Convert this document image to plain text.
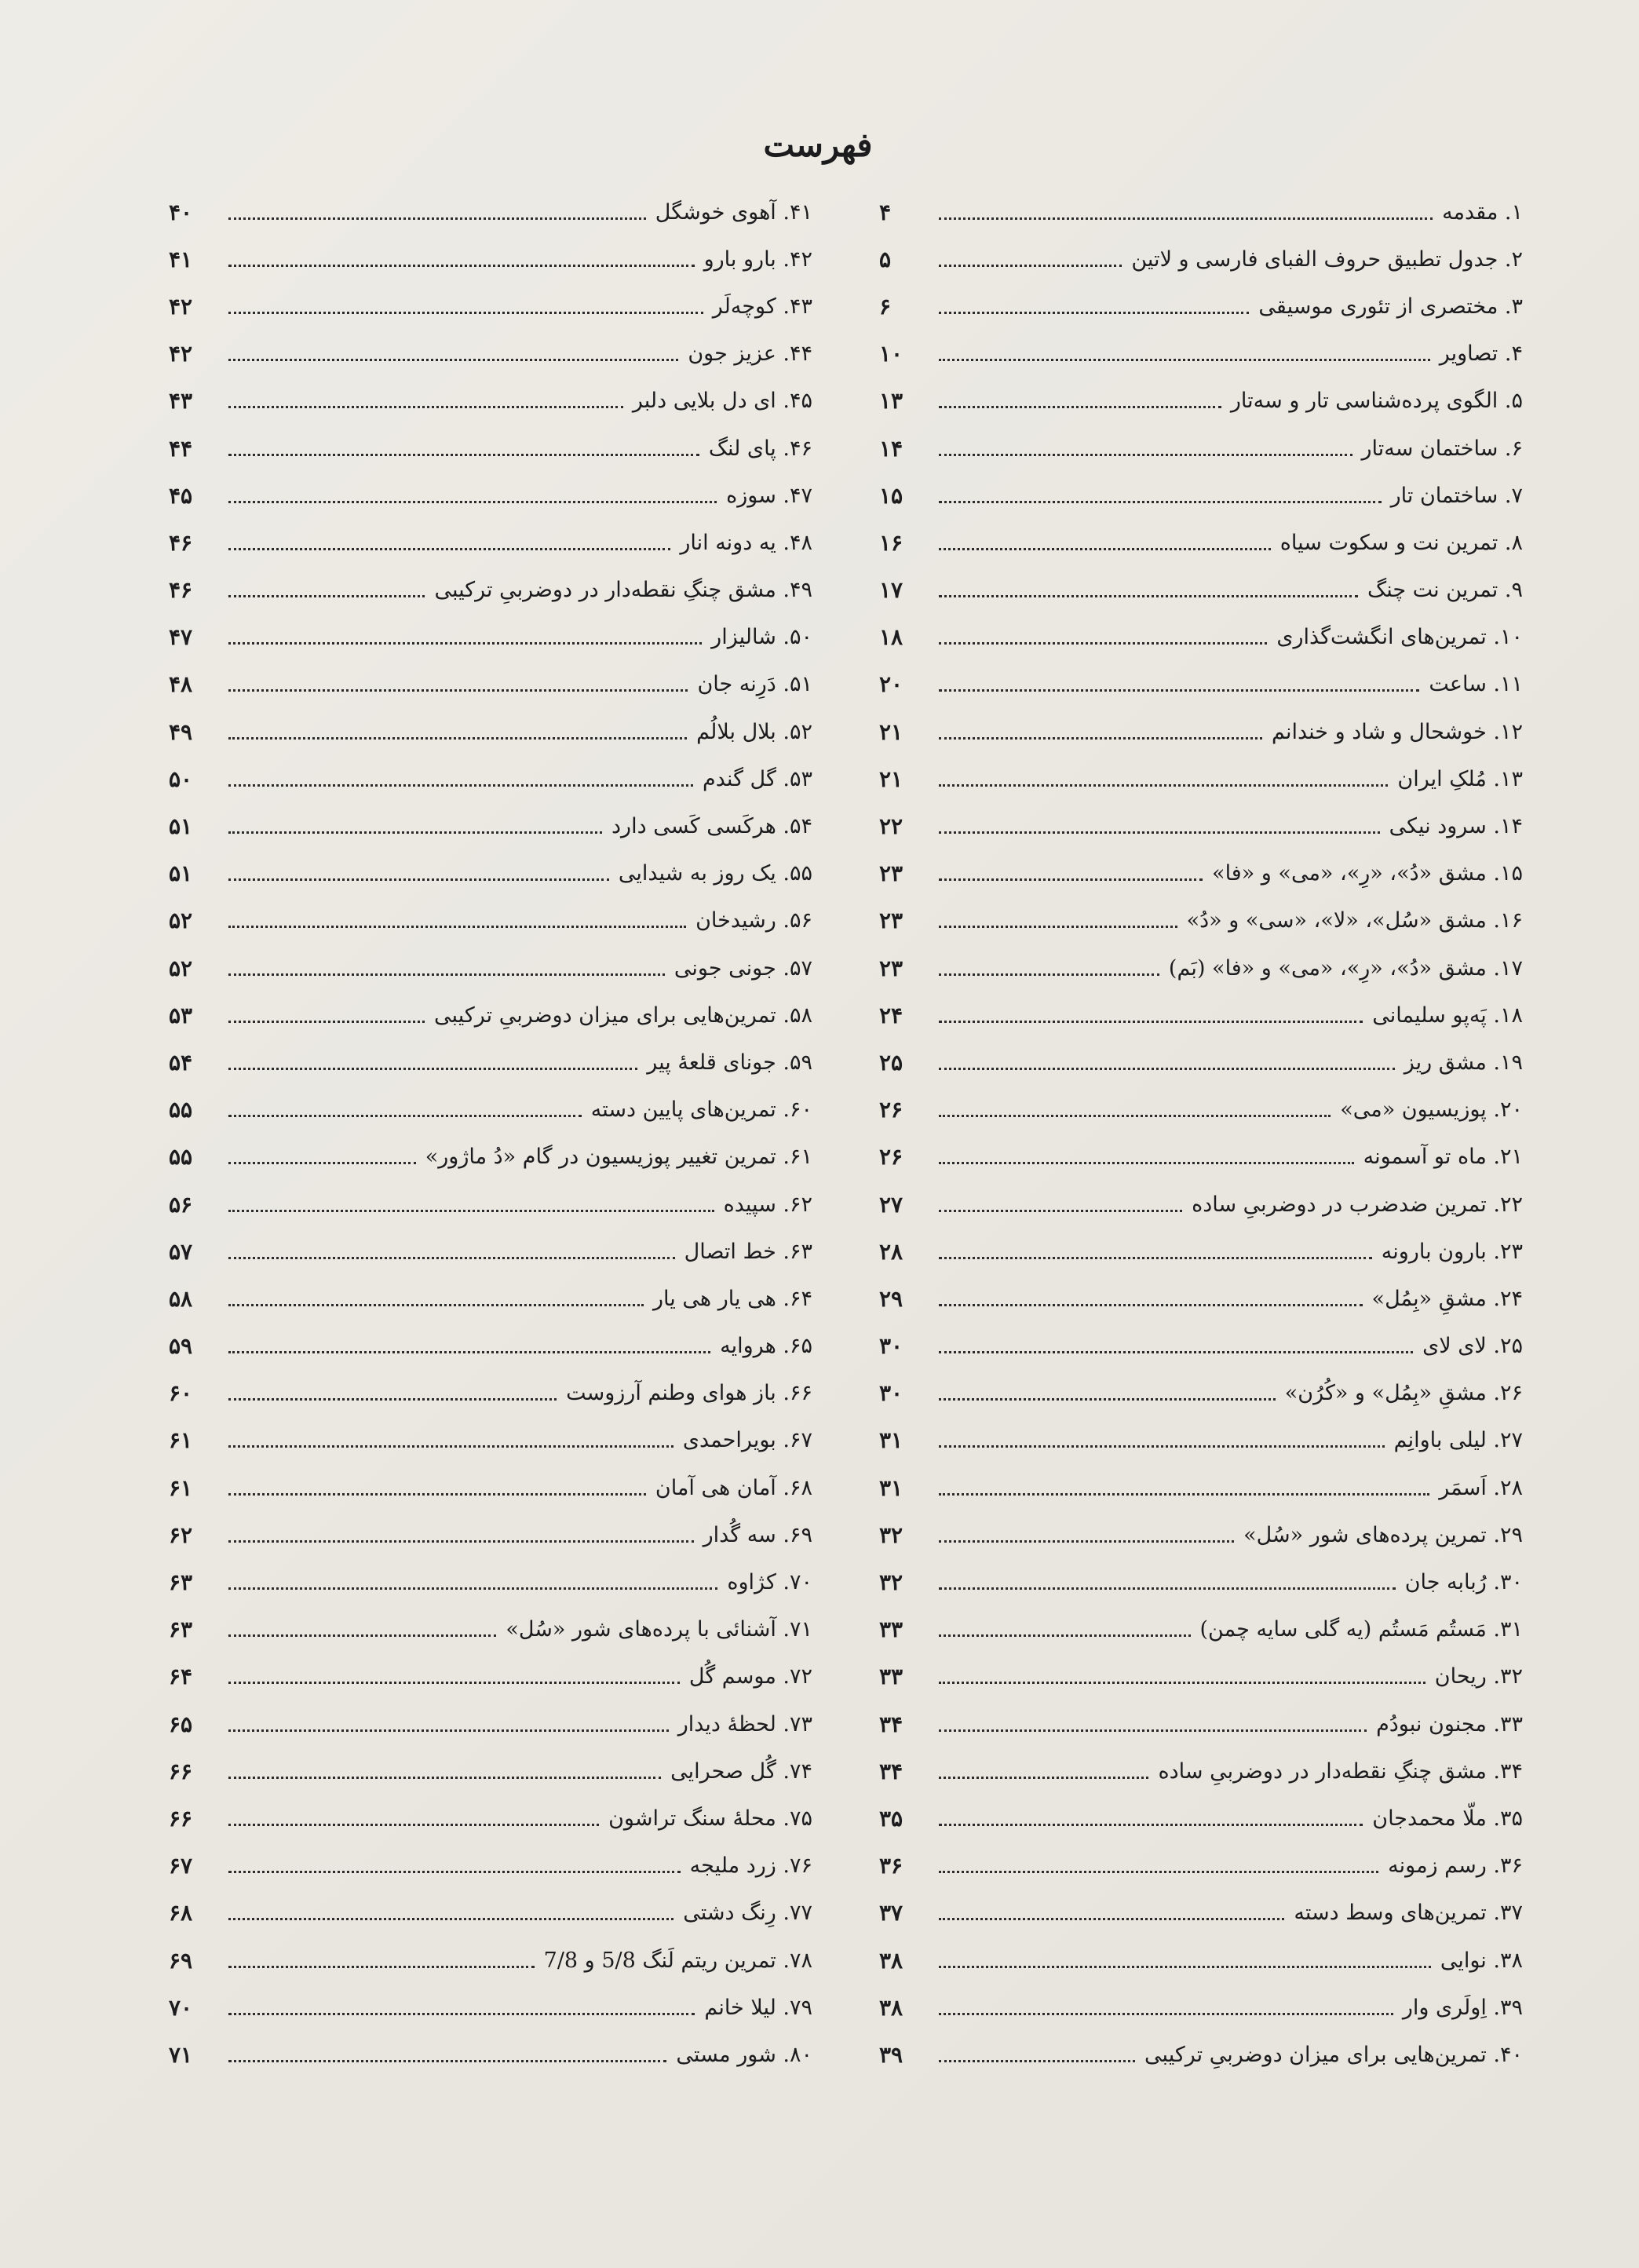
فهرست
۱. مقدمه
۴
۲. جدول تطبیق حروف الفبای فارسی و لاتین
۵
۳. مختصری از تئوری موسیقی
۶
۴. تصاویر
۱۰
۵. الگوی پرده‌شناسی تار و سه‌تار
۱۳
۶. ساختمان سه‌تار
۱۴
۷. ساختمان تار
۱۵
۸. تمرین نت و سکوت سیاه
۱۶
۹. تمرین نت چنگ
۱۷
۱۰. تمرین‌های انگشت‌گذاری
۱۸
۱۱. ساعت
۲۰
۱۲. خوشحال و شاد و خندانم
۲۱
۱۳. مُلکِ ایران
۲۱
۱۴. سرود نیکی
۲۲
۱۵. مشق «دُ»، «رِ»، «می» و «فا»
۲۳
۱۶. مشق «سُل»، «لا»، «سی» و «دُ»
۲۳
۱۷. مشق «دُ»، «رِ»، «می» و «فا» (بَم)
۲۳
۱۸. پَه‌پو سلیمانی
۲۴
۱۹. مشق ریز
۲۵
۲۰. پوزیسیون «می»
۲۶
۲۱. ماه تو آسمونه
۲۶
۲۲. تمرین ضدضرب در دوضربیِ ساده
۲۷
۲۳. بارون بارونه
۲۸
۲۴. مشقِ «بِمُل»
۲۹
۲۵. لای لای
۳۰
۲۶. مشقِ «بِمُل» و «کُرُن»
۳۰
۲۷. لیلی باوانِم
۳۱
۲۸. اَسمَر
۳۱
۲۹. تمرین پرده‌های شور «سُل»
۳۲
۳۰. رُبابه جان
۳۲
۳۱. مَستُم مَستُم (یه گلی سایه چمن)
۳۳
۳۲. ریحان
۳۳
۳۳. مجنون نبودُم
۳۴
۳۴. مشق چنگِ نقطه‌دار در دوضربیِ ساده
۳۴
۳۵. ملّا محمدجان
۳۵
۳۶. رسم زمونه
۳۶
۳۷. تمرین‌های وسط دسته
۳۷
۳۸. نوایی
۳۸
۳۹. اِولَری وار
۳۸
۴۰. تمرین‌هایی برای میزان دوضربیِ ترکیبی
۳۹
۴۱. آهوی خوشگل
۴۰
۴۲. بارو بارو
۴۱
۴۳. کوچه‌لَر
۴۲
۴۴. عزیز جون
۴۲
۴۵. ای دل بلایی دلبر
۴۳
۴۶. پای لنگ
۴۴
۴۷. سوزه
۴۵
۴۸. یه دونه انار
۴۶
۴۹. مشق چنگِ نقطه‌دار در دوضربیِ ترکیبی
۴۶
۵۰. شالیزار
۴۷
۵۱. دَرِنه جان
۴۸
۵۲. بلال بلالُم
۴۹
۵۳. گل گندم
۵۰
۵۴. هرکَسی کَسی دارد
۵۱
۵۵. یک روز به شیدایی
۵۱
۵۶. رشیدخان
۵۲
۵۷. جونی جونی
۵۲
۵۸. تمرین‌هایی برای میزان دوضربیِ ترکیبی
۵۳
۵۹. جونای قلعهٔ پیر
۵۴
۶۰. تمرین‌های پایین دسته
۵۵
۶۱. تمرین تغییر پوزیسیون در گام «دُ ماژور»
۵۵
۶۲. سپیده
۵۶
۶۳. خط اتصال
۵۷
۶۴. هی یار هی یار
۵۸
۶۵. هروایه
۵۹
۶۶. باز هوای وطنم آرزوست
۶۰
۶۷. بویراحمدی
۶۱
۶۸. آمان هی آمان
۶۱
۶۹. سه گُدار
۶۲
۷۰. کژاوه
۶۳
۷۱. آشنائی با پرده‌های شور «سُل»
۶۳
۷۲. موسم گُل
۶۴
۷۳. لحظهٔ دیدار
۶۵
۷۴. گُل صحرایی
۶۶
۷۵. محلهٔ سنگ تراشون
۶۶
۷۶. زرد ملیجه
۶۷
۷۷. رِنگ دشتی
۶۸
۷۸. تمرین ریتم لَنگ 5/8 و 7/8
۶۹
۷۹. لیلا خانم
۷۰
۸۰. شور مستی
۷۱
